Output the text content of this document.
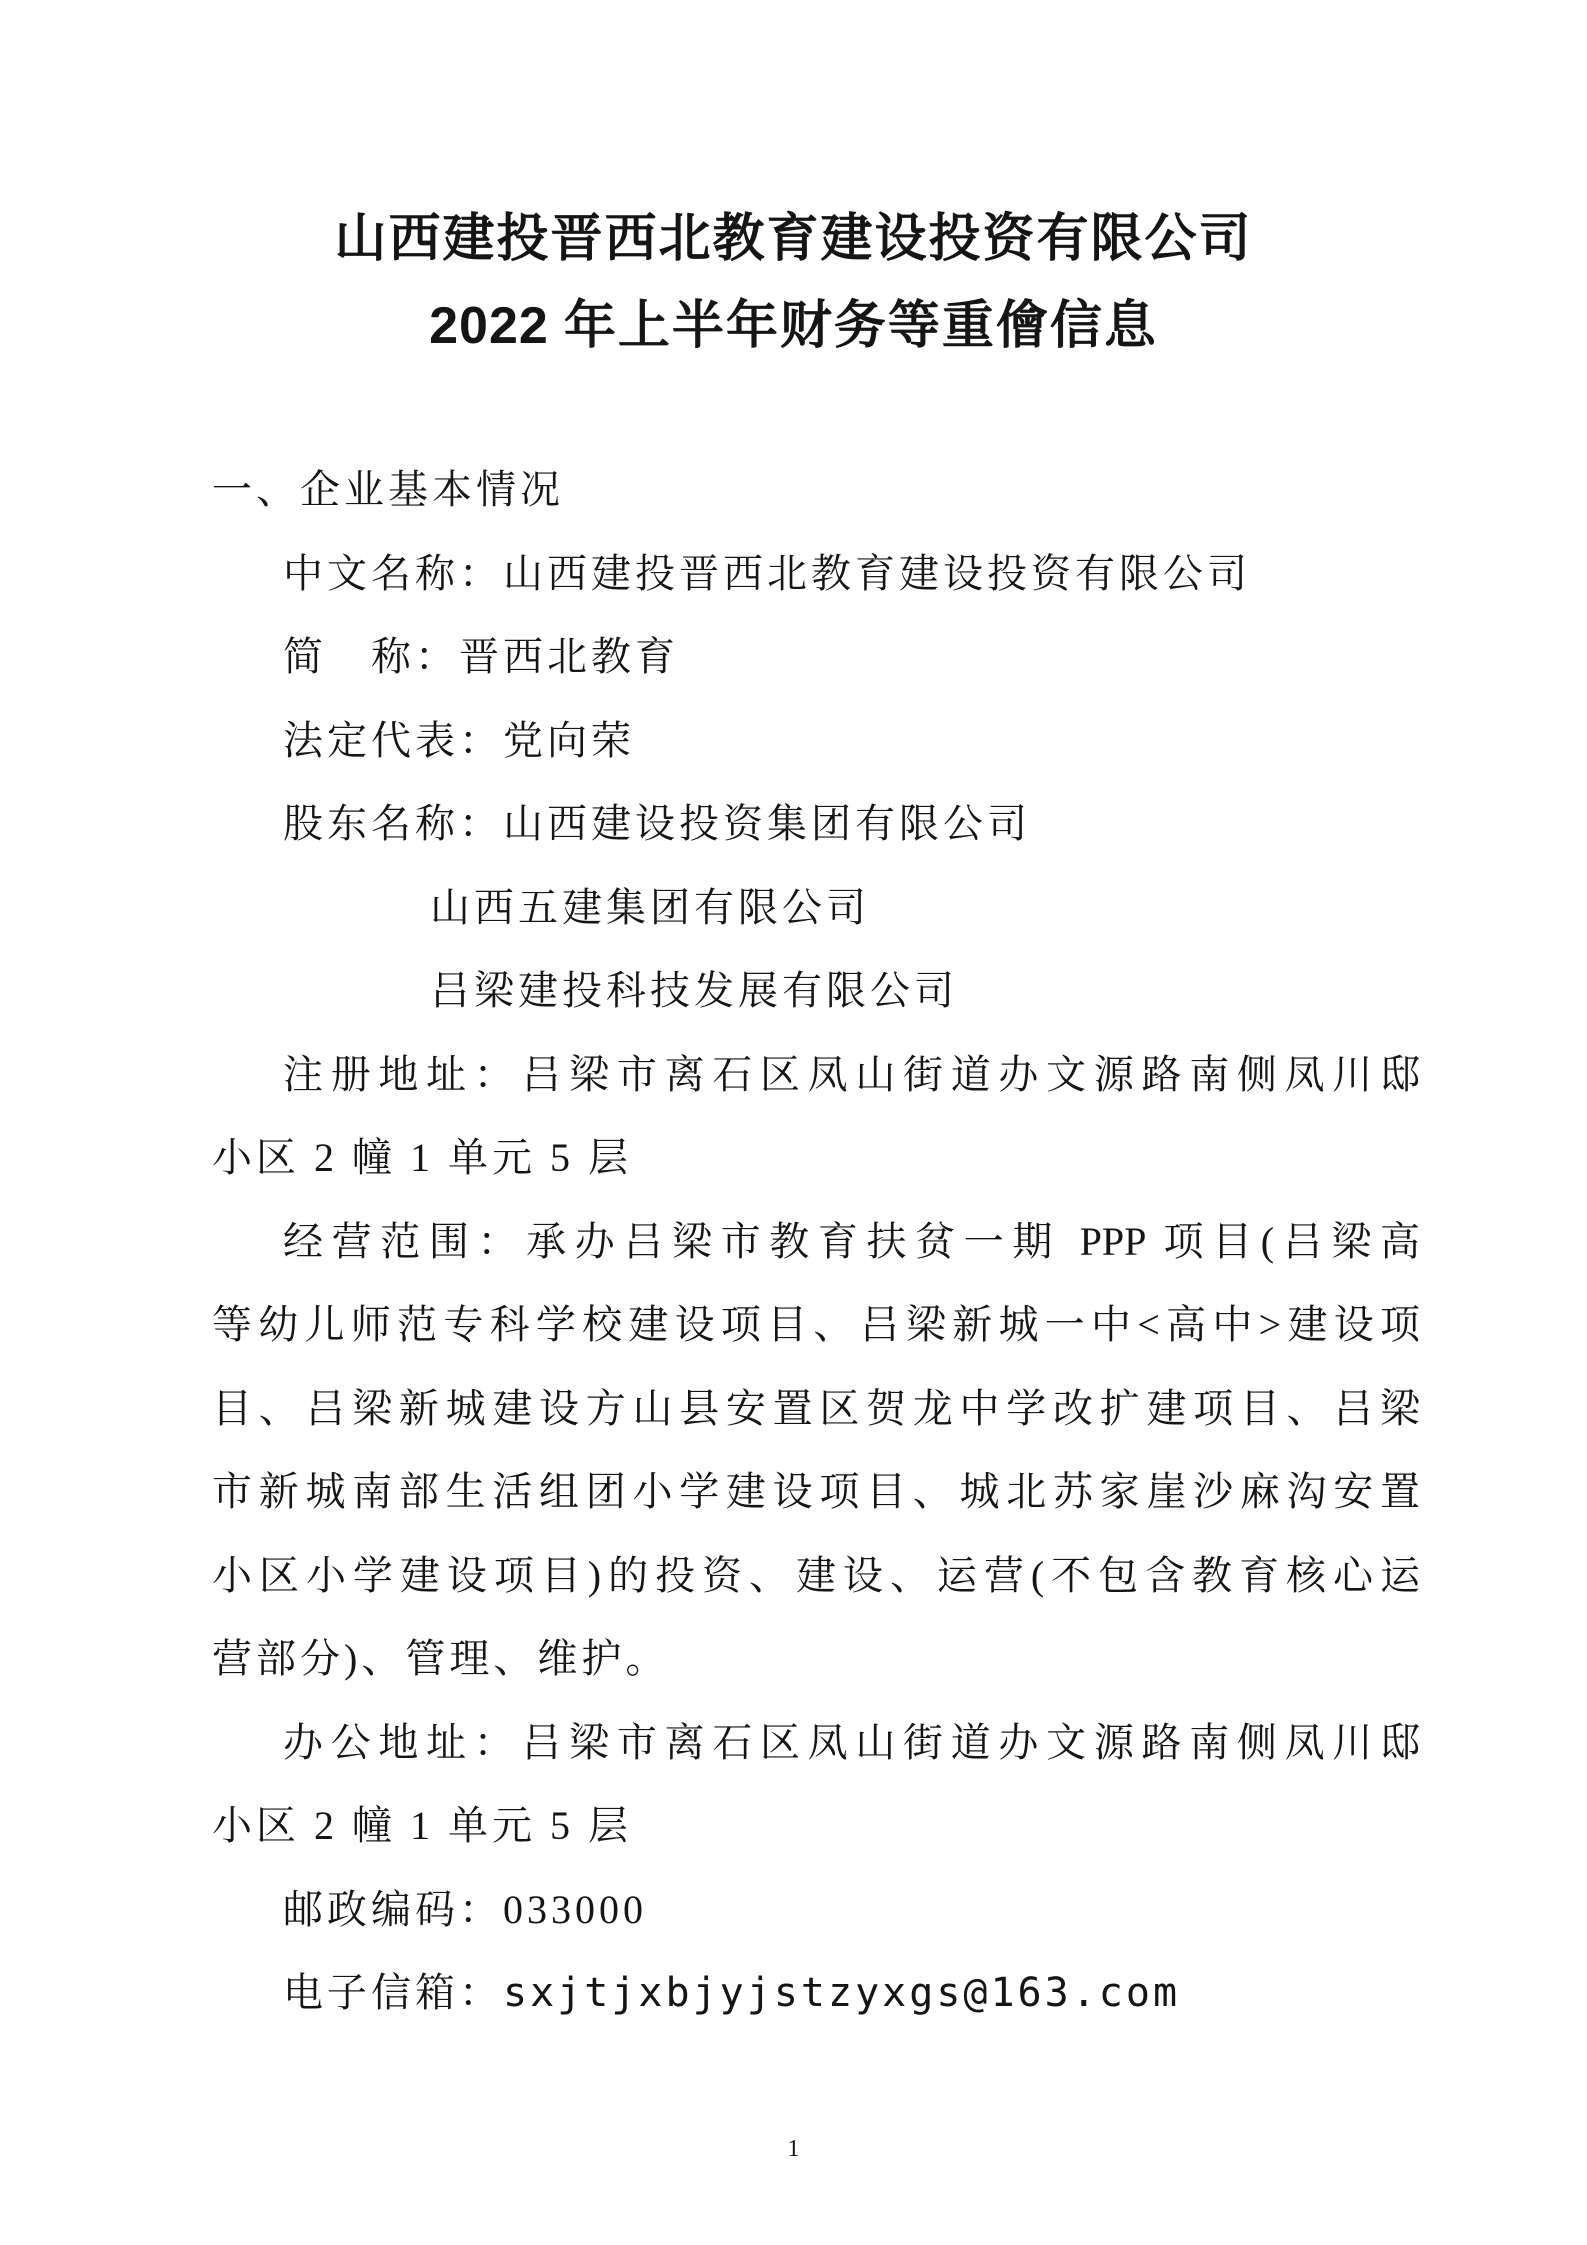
山西建投晋西北教育建设投资有限公司
2022 年上半年财务等重儈信息
一、企业基本情况
中文名称：山西建投晋西北教育建设投资有限公司
简　称：晋西北教育
法定代表：党向荣
股东名称：山西建设投资集团有限公司
山西五建集团有限公司
吕梁建投科技发展有限公司
注册地址：吕梁市离石区凤山街道办文源路南侧凤川邸
小区 2 幢 1 单元 5 层
经营范围：承办吕梁市教育扶贫一期 PPP 项目(吕梁高
等幼儿师范专科学校建设项目、吕梁新城一中<高中>建设项
目、吕梁新城建设方山县安置区贺龙中学改扩建项目、吕梁
市新城南部生活组团小学建设项目、城北苏家崖沙麻沟安置
小区小学建设项目)的投资、建设、运营(不包含教育核心运
营部分)、管理、维护。
办公地址：吕梁市离石区凤山街道办文源路南侧凤川邸
小区 2 幢 1 单元 5 层
邮政编码：033000
电子信箱：sxjtjxbjyjstzyxgs@163.com
1
